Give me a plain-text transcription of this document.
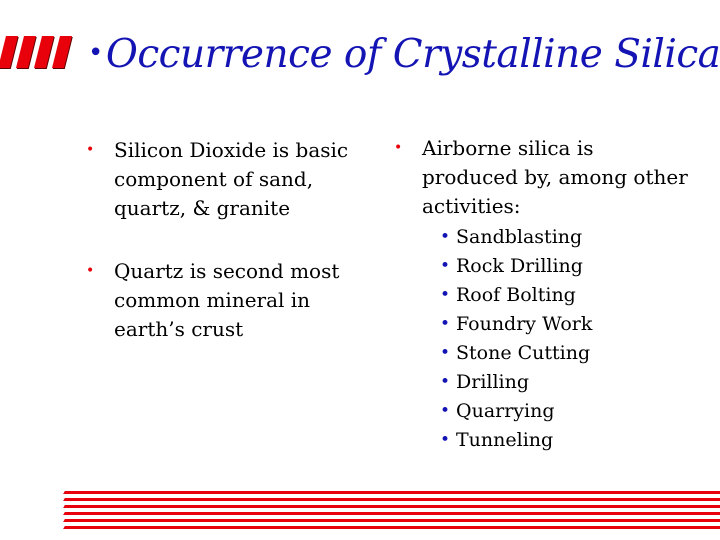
•Occurrence of Crystalline Silica
• Silicon Dioxide is basic component of sand, quartz, & granite
• Quartz is second most common mineral in earth’s crust
• Airborne silica is produced by, among other activities:
• Sandblasting
• Rock Drilling
• Roof Bolting
• Foundry Work
• Stone Cutting
• Drilling
• Quarrying
• Tunneling
